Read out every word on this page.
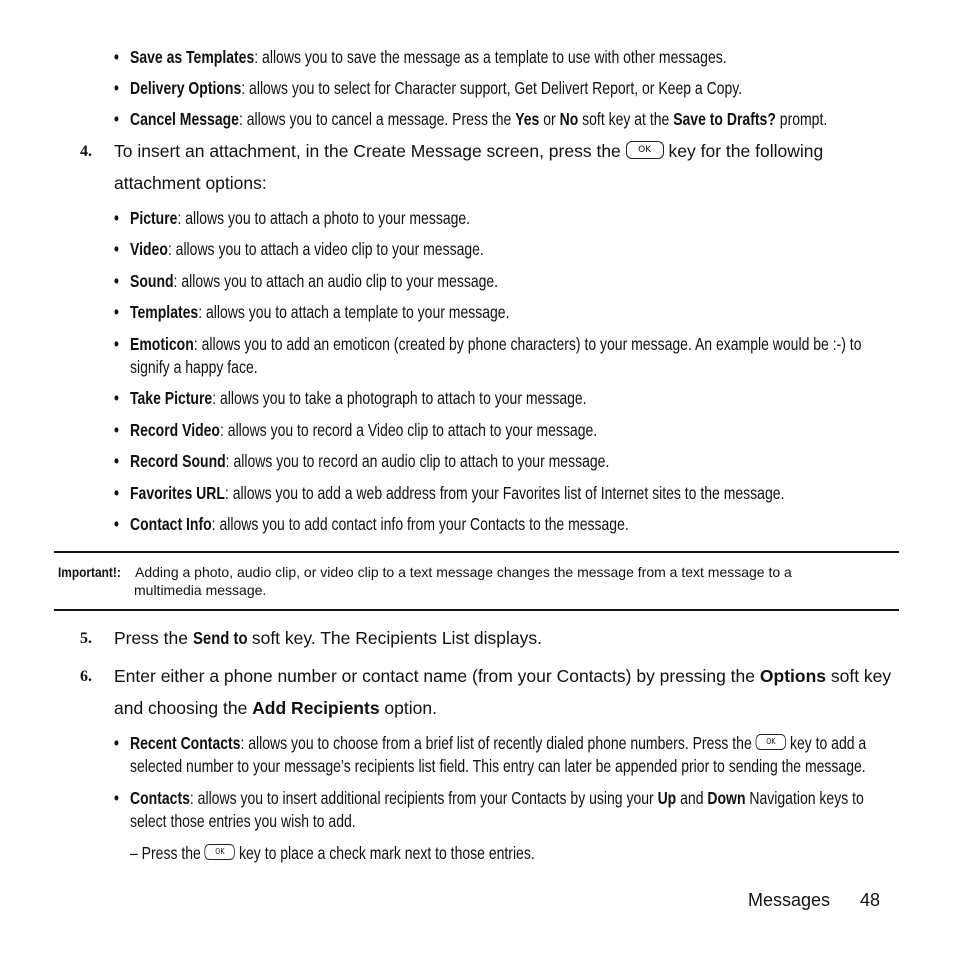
• Save as Templates: allows you to save the message as a template to use with other messages.
• Delivery Options: allows you to select for Character support, Get Delivert Report, or Keep a Copy.
• Cancel Message: allows you to cancel a message. Press the Yes or No soft key at the Save to Drafts? prompt.
4. To insert an attachment, in the Create Message screen, press the OK key for the following
attachment options:
• Picture: allows you to attach a photo to your message.
• Video: allows you to attach a video clip to your message.
• Sound: allows you to attach an audio clip to your message.
• Templates: allows you to attach a template to your message.
• Emoticon: allows you to add an emoticon (created by phone characters) to your message. An example would be :-) to
signify a happy face.
• Take Picture: allows you to take a photograph to attach to your message.
• Record Video: allows you to record a Video clip to attach to your message.
• Record Sound: allows you to record an audio clip to attach to your message.
• Favorites URL: allows you to add a web address from your Favorites list of Internet sites to the message.
• Contact Info: allows you to add contact info from your Contacts to the message.
Important!: Adding a photo, audio clip, or video clip to a text message changes the message from a text message to a
multimedia message.
5. Press the Send to soft key. The Recipients List displays.
6. Enter either a phone number or contact name (from your Contacts) by pressing the Options soft key
and choosing the Add Recipients option.
• Recent Contacts: allows you to choose from a brief list of recently dialed phone numbers. Press the OK key to add a
selected number to your message’s recipients list field. This entry can later be appended prior to sending the message.
• Contacts: allows you to insert additional recipients from your Contacts by using your Up and Down Navigation keys to
select those entries you wish to add.
– Press the OK key to place a check mark next to those entries.
Messages 48
